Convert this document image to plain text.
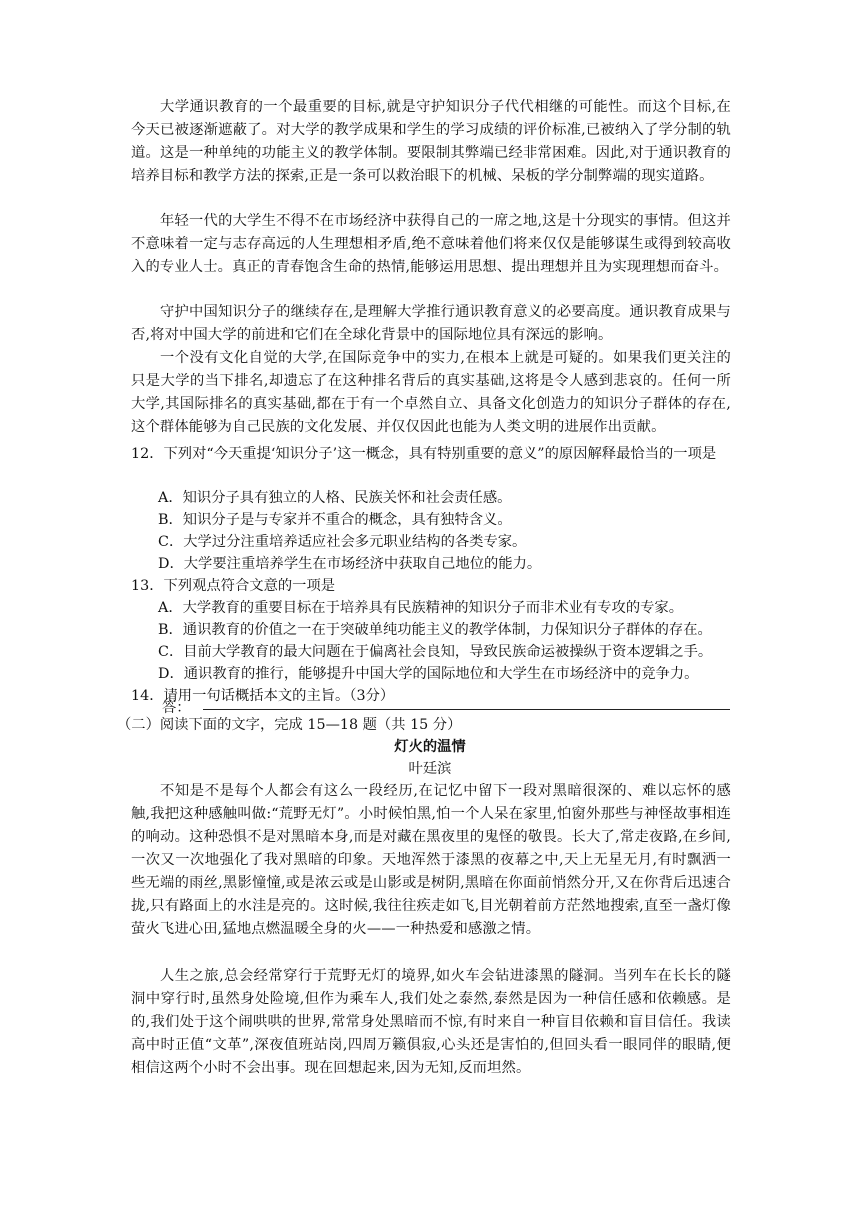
大学通识教育的一个最重要的目标,就是守护知识分子代代相继的可能性。而这个目标,在今天已被逐渐遮蔽了。对大学的教学成果和学生的学习成绩的评价标准,已被纳入了学分制的轨道。这是一种单纯的功能主义的教学体制。要限制其弊端已经非常困难。因此,对于通识教育的培养目标和教学方法的探索,正是一条可以救治眼下的机械、呆板的学分制弊端的现实道路。

年轻一代的大学生不得不在市场经济中获得自己的一席之地,这是十分现实的事情。但这并不意味着一定与志存高远的人生理想相矛盾,绝不意味着他们将来仅仅是能够谋生或得到较高收入的专业人士。真正的青春饱含生命的热情,能够运用思想、提出理想并且为实现理想而奋斗。

守护中国知识分子的继续存在,是理解大学推行通识教育意义的必要高度。通识教育成果与否,将对中国大学的前进和它们在全球化背景中的国际地位具有深远的影响。

一个没有文化自觉的大学,在国际竞争中的实力,在根本上就是可疑的。如果我们更关注的只是大学的当下排名,却遗忘了在这种排名背后的真实基础,这将是令人感到悲哀的。任何一所大学,其国际排名的真实基础,都在于有一个卓然自立、具备文化创造力的知识分子群体的存在,这个群体能够为自己民族的文化发展、并仅仅因此也能为人类文明的进展作出贡献。

12．下列对“今天重提‘知识分子’这一概念，具有特别重要的意义”的原因解释最恰当的一项是

A．知识分子具有独立的人格、民族关怀和社会责任感。

B．知识分子是与专家并不重合的概念，具有独特含义。

C．大学过分注重培养适应社会多元职业结构的各类专家。

D．大学要注重培养学生在市场经济中获取自己地位的能力。

13．下列观点符合文意的一项是

A．大学教育的重要目标在于培养具有民族精神的知识分子而非术业有专攻的专家。

B．通识教育的价值之一在于突破单纯功能主义的教学体制，力保知识分子群体的存在。

C．目前大学教育的最大问题在于偏离社会良知，导致民族命运被操纵于资本逻辑之手。

D．通识教育的推行，能够提升中国大学的国际地位和大学生在市场经济中的竞争力。

14．请用一句话概括本文的主旨。（3分）

答：

（二）阅读下面的文字，完成 15—18 题（共 15 分）

灯火的温情
叶廷滨

不知是不是每个人都会有这么一段经历,在记忆中留下一段对黑暗很深的、难以忘怀的感触,我把这种感触叫做:“荒野无灯”。小时候怕黑,怕一个人呆在家里,怕窗外那些与神怪故事相连的响动。这种恐惧不是对黑暗本身,而是对藏在黑夜里的鬼怪的敬畏。长大了,常走夜路,在乡间,一次又一次地强化了我对黑暗的印象。天地浑然于漆黑的夜幕之中,天上无星无月,有时飘洒一些无端的雨丝,黑影憧憧,或是浓云或是山影或是树阴,黑暗在你面前悄然分开,又在你背后迅速合拢,只有路面上的水洼是亮的。这时候,我往往疾走如飞,目光朝着前方茫然地搜索,直至一盏灯像萤火飞进心田,猛地点燃温暖全身的火——一种热爱和感激之情。

人生之旅,总会经常穿行于荒野无灯的境界,如火车会钻进漆黑的隧洞。当列车在长长的隧洞中穿行时,虽然身处险境,但作为乘车人,我们处之泰然,泰然是因为一种信任感和依赖感。是的,我们处于这个闹哄哄的世界,常常身处黑暗而不惊,有时来自一种盲目依赖和盲目信任。我读高中时正值“文革”,深夜值班站岗,四周万籁俱寂,心头还是害怕的,但回头看一眼同伴的眼睛,便相信这两个小时不会出事。现在回想起来,因为无知,反而坦然。
